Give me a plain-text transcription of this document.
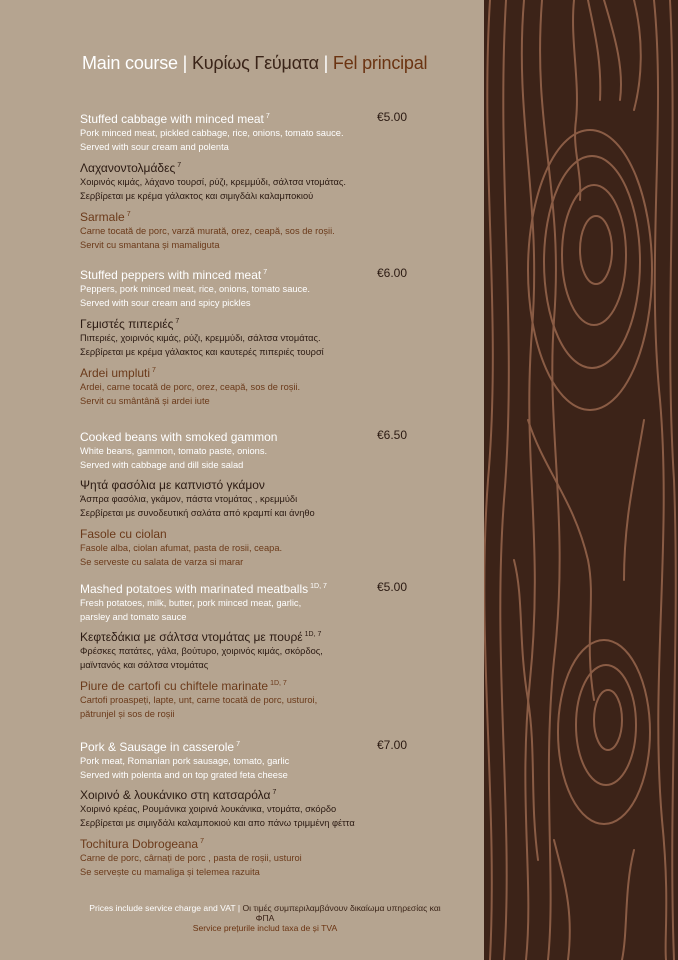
Main course | Κυρίως Γεύματα | Fel principal
€5.00
Stuffed cabbage with minced meat $^7$
Pork minced meat, pickled cabbage, rice, onions, tomato sauce.
Served with sour cream and polenta
Λαχανοντολμάδες $^7$
Χοιρινός κιμάς, λάχανο τουρσί, ρύζι, κρεμμύδι, σάλτσα ντομάτας.
Σερβίρεται με κρέμα γάλακτος και σιμιγδάλι καλαμποκιού
Sarmale $^7$
Carne tocată de porc, varză murată, orez, ceapă, sos de roșii.
Servit cu smantana și mamaliguta
€6.00
Stuffed peppers with minced meat $^7$
Peppers, pork minced meat, rice, onions, tomato sauce.
Served with sour cream and spicy pickles
Γεμιστές πιπεριές $^7$
Πιπεριές, χοιρινός κιμάς, ρύζι, κρεμμύδι, σάλτσα ντομάτας.
Σερβίρεται με κρέμα γάλακτος και καυτερές πιπεριές τουρσί
Ardei umpluti $^7$
Ardei, carne tocată de porc, orez, ceapă, sos de roșii.
Servit cu smântână și ardei iute
€6.50
Cooked beans with smoked gammon
White beans, gammon, tomato paste, onions.
Served with cabbage and dill side salad
Ψητά φασόλια με καπνιστό γκάμον
Άσπρα φασόλια, γκάμον, πάστα ντομάτας , κρεμμύδι
Σερβίρεται με συνοδευτική σαλάτα από κραμπί και άνηθο
Fasole cu ciolan
Fasole alba, ciolan afumat, pasta de rosii, ceapa.
Se serveste cu salata de varza si marar
€5.00
Mashed potatoes with marinated meatballs $^{1D, 7}$
Fresh potatoes, milk, butter, pork minced meat, garlic,
parsley and tomato sauce
Κεφτεδάκια με σάλτσα ντομάτας με πουρέ $^{1D, 7}$
Φρέσκες πατάτες, γάλα, βούτυρο, χοιρινός κιμάς, σκόρδος,
μαϊντανός και σάλτσα ντομάτας
Piure de cartofi cu chiftele marinate $^{1D, 7}$
Cartofi proaspeți, lapte, unt, carne tocată de porc, usturoi,
pătrunjel și sos de roșii
€7.00
Pork & Sausage in casserole $^7$
Pork meat, Romanian pork sausage, tomato, garlic
Served with polenta and on top grated feta cheese
Χοιρινό & λουκάνικο στη κατσαρόλα $^7$
Χοιρινό κρέας, Ρουμάνικα χοιρινά λουκάνικα, ντομάτα, σκόρδο
Σερβίρεται με σιμιγδάλι καλαμποκιού και απο πάνω τριμμένη φέττα
Tochitura Dobrogeana $^7$
Carne de porc, cârnați de porc , pasta de roșii, usturoi
Se servește cu mamaliga și telemea razuita
Prices include service charge and VAT | Οι τιμές συμπεριλαμβάνουν δικαίωμα υπηρεσίας και ΦΠΑ
Service prețurile includ taxa de și TVA
